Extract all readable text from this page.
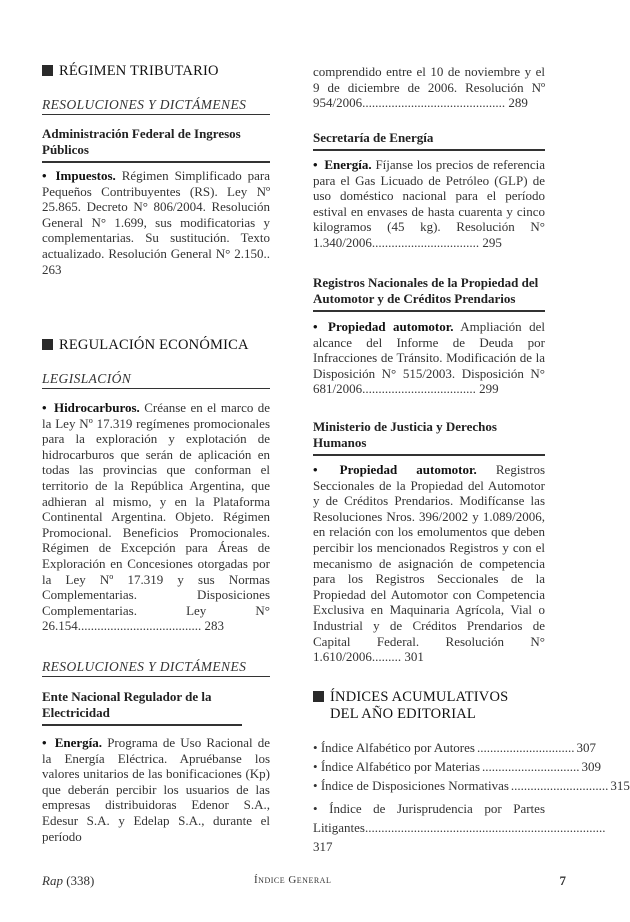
RÉGIMEN TRIBUTARIO
RESOLUCIONES Y DICTÁMENES
Administración Federal de Ingresos Públicos
• Impuestos. Régimen Simplificado para Pequeños Contribuyentes (RS). Ley Nº 25.865. Decreto N° 806/2004. Resolución General N° 1.699, sus modificatorias y complementarias. Su sustitución. Texto actualizado. Resolución General N° 2.150.. 263
REGULACIÓN ECONÓMICA
LEGISLACIÓN
• Hidrocarburos. Créanse en el marco de la Ley Nº 17.319 regímenes promocionales para la exploración y explotación de hidrocarburos que serán de aplicación en todas las provincias que conforman el territorio de la República Argentina, que adhieran al mismo, y en la Plataforma Continental Argentina. Objeto. Régimen Promocional. Beneficios Promocionales. Régimen de Excepción para Áreas de Exploración en Concesiones otorgadas por la Ley Nº 17.319 y sus Normas Complementarias. Disposiciones Complementarias. Ley N° 26.154...................................... 283
RESOLUCIONES Y DICTÁMENES
Ente Nacional Regulador de la Electricidad
• Energía. Programa de Uso Racional de la Energía Eléctrica. Apruébanse los valores unitarios de las bonificaciones (Kp) que deberán percibir los usuarios de las empresas distribuidoras Edenor S.A., Edesur S.A. y Edelap S.A., durante el período
comprendido entre el 10 de noviembre y el 9 de diciembre de 2006. Resolución Nº 954/2006............................................ 289
Secretaría de Energía
• Energía. Fíjanse los precios de referencia para el Gas Licuado de Petróleo (GLP) de uso doméstico nacional para el período estival en envases de hasta cuarenta y cinco kilogramos (45 kg). Resolución N° 1.340/2006................................. 295
Registros Nacionales de la Propiedad del Automotor y de Créditos Prendarios
• Propiedad automotor. Ampliación del alcance del Informe de Deuda por Infracciones de Tránsito. Modificación de la Disposición N° 515/2003. Disposición N° 681/2006................................... 299
Ministerio de Justicia y Derechos Humanos
• Propiedad automotor. Registros Seccionales de la Propiedad del Automotor y de Créditos Prendarios. Modifícanse las Resoluciones Nros. 396/2002 y 1.089/2006, en relación con los emolumentos que deben percibir los mencionados Registros y con el mecanismo de asignación de competencia para los Registros Seccionales de la Propiedad del Automotor con Competencia Exclusiva en Maquinaria Agrícola, Vial o Industrial y de Créditos Prendarios de Capital Federal. Resolución N° 1.610/2006......... 301
ÍNDICES ACUMULATIVOS
DEL AÑO EDITORIAL
• Índice Alfabético por Autores .............................. 307
• Índice Alfabético por Materias .............................. 309
• Índice de Disposiciones Normativas .............................. 315
• Índice de Jurisprudencia por Partes Litigantes.......................................................................... 317
Rap (338)	Índice General	7
